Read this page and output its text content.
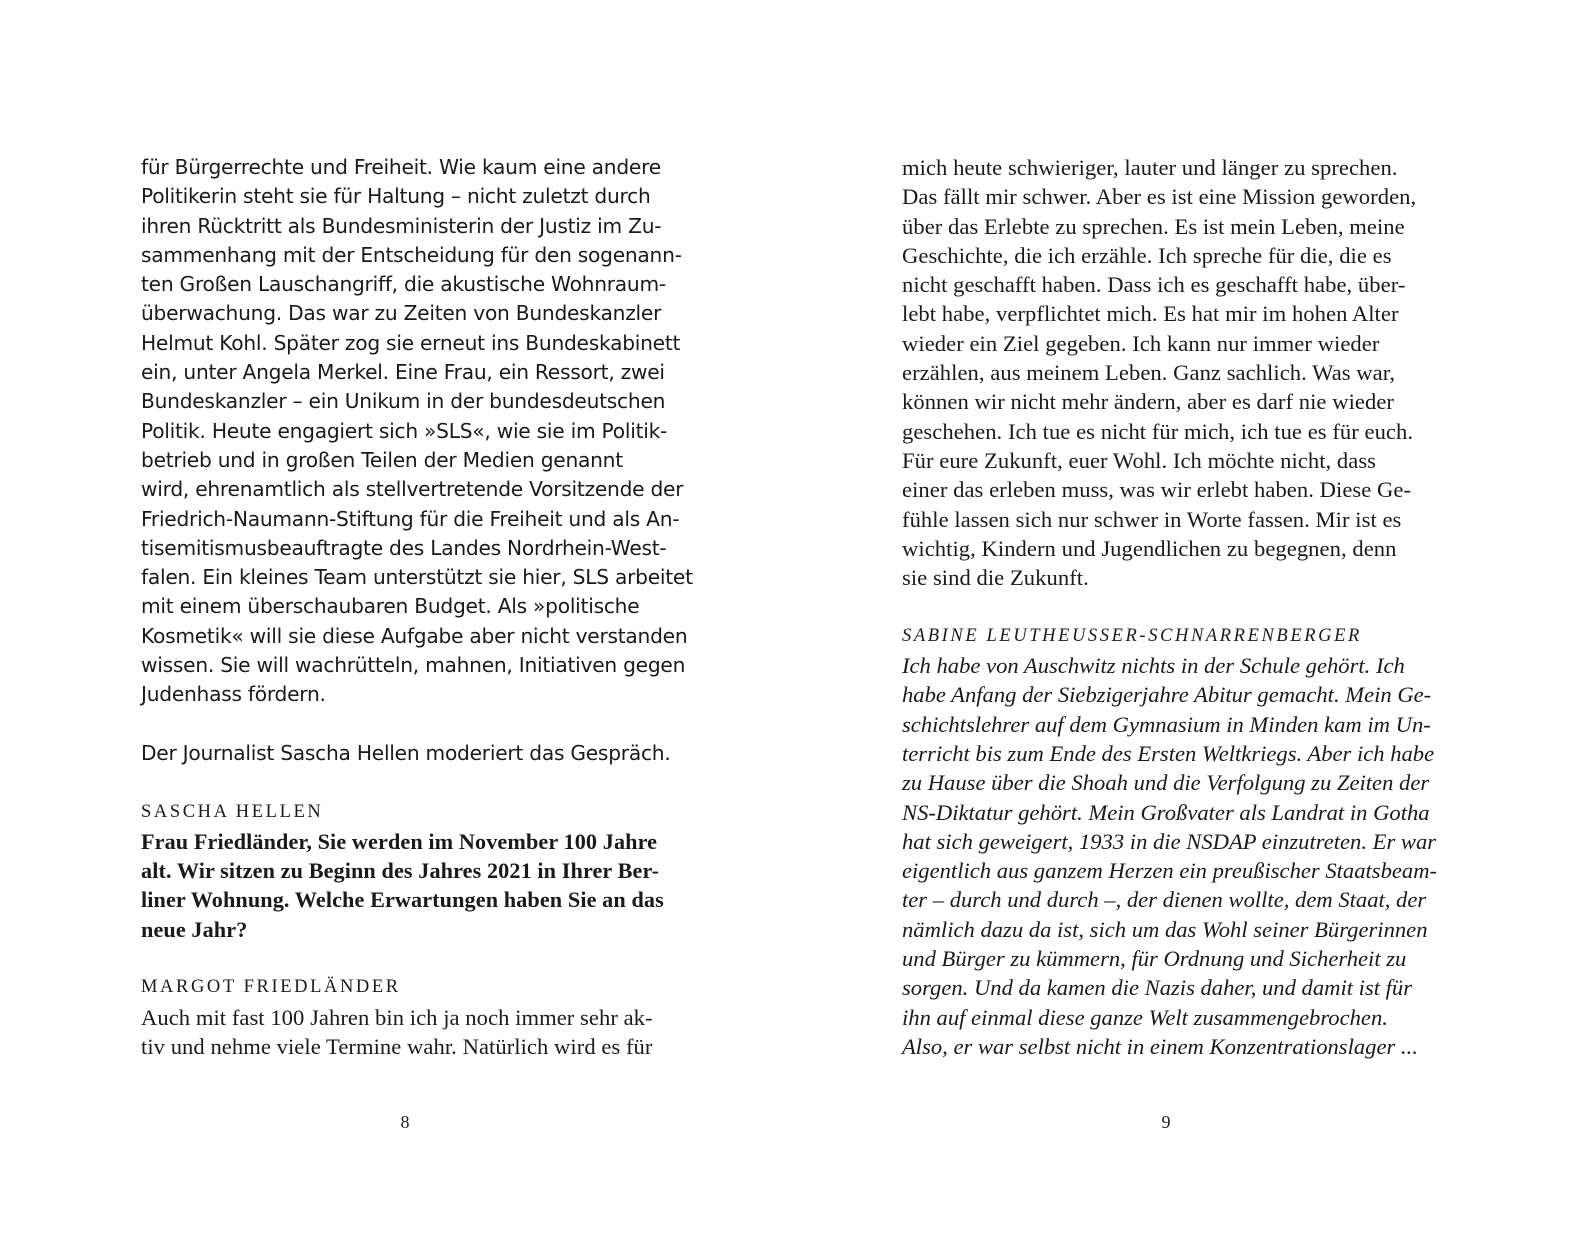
für Bürgerrechte und Freiheit. Wie kaum eine andere
Politikerin steht sie für Haltung – nicht zuletzt durch
ihren Rücktritt als Bundesministerin der Justiz im Zu-
sammenhang mit der Entscheidung für den sogenann-
ten Großen Lauschangriff, die akustische Wohnraum-
überwachung. Das war zu Zeiten von Bundeskanzler
Helmut Kohl. Später zog sie erneut ins Bundeskabinett
ein, unter Angela Merkel. Eine Frau, ein Ressort, zwei
Bundeskanzler – ein Unikum in der bundesdeutschen
Politik. Heute engagiert sich »SLS«, wie sie im Politik-
betrieb und in großen Teilen der Medien genannt
wird, ehrenamtlich als stellvertretende Vorsitzende der
Friedrich-Naumann-Stiftung für die Freiheit und als An-
tisemitismusbeauftragte des Landes Nordrhein-West-
falen. Ein kleines Team unterstützt sie hier, SLS arbeitet
mit einem überschaubaren Budget. Als »politische
Kosmetik« will sie diese Aufgabe aber nicht verstanden
wissen. Sie will wachrütteln, mahnen, Initiativen gegen
Judenhass fördern.
Der Journalist Sascha Hellen moderiert das Gespräch.
SASCHA HELLEN
Frau Friedländer, Sie werden im November 100 Jahre
alt. Wir sitzen zu Beginn des Jahres 2021 in Ihrer Ber-
liner Wohnung. Welche Erwartungen haben Sie an das
neue Jahr?
MARGOT FRIEDLÄNDER
Auch mit fast 100 Jahren bin ich ja noch immer sehr ak-
tiv und nehme viele Termine wahr. Natürlich wird es für
8
mich heute schwieriger, lauter und länger zu sprechen.
Das fällt mir schwer. Aber es ist eine Mission geworden,
über das Erlebte zu sprechen. Es ist mein Leben, meine
Geschichte, die ich erzähle. Ich spreche für die, die es
nicht geschafft haben. Dass ich es geschafft habe, über-
lebt habe, verpflichtet mich. Es hat mir im hohen Alter
wieder ein Ziel gegeben. Ich kann nur immer wieder
erzählen, aus meinem Leben. Ganz sachlich. Was war,
können wir nicht mehr ändern, aber es darf nie wieder
geschehen. Ich tue es nicht für mich, ich tue es für euch.
Für eure Zukunft, euer Wohl. Ich möchte nicht, dass
einer das erleben muss, was wir erlebt haben. Diese Ge-
fühle lassen sich nur schwer in Worte fassen. Mir ist es
wichtig, Kindern und Jugendlichen zu begegnen, denn
sie sind die Zukunft.
SABINE LEUTHEUSSER-SCHNARRENBERGER
Ich habe von Auschwitz nichts in der Schule gehört. Ich
habe Anfang der Siebzigerjahre Abitur gemacht. Mein Ge-
schichtslehrer auf dem Gymnasium in Minden kam im Un-
terricht bis zum Ende des Ersten Weltkriegs. Aber ich habe
zu Hause über die Shoah und die Verfolgung zu Zeiten der
NS-Diktatur gehört. Mein Großvater als Landrat in Gotha
hat sich geweigert, 1933 in die NSDAP einzutreten. Er war
eigentlich aus ganzem Herzen ein preußischer Staatsbeam-
ter – durch und durch –, der dienen wollte, dem Staat, der
nämlich dazu da ist, sich um das Wohl seiner Bürgerinnen
und Bürger zu kümmern, für Ordnung und Sicherheit zu
sorgen. Und da kamen die Nazis daher, und damit ist für
ihn auf einmal diese ganze Welt zusammengebrochen.
Also, er war selbst nicht in einem Konzentrationslager ...
9
